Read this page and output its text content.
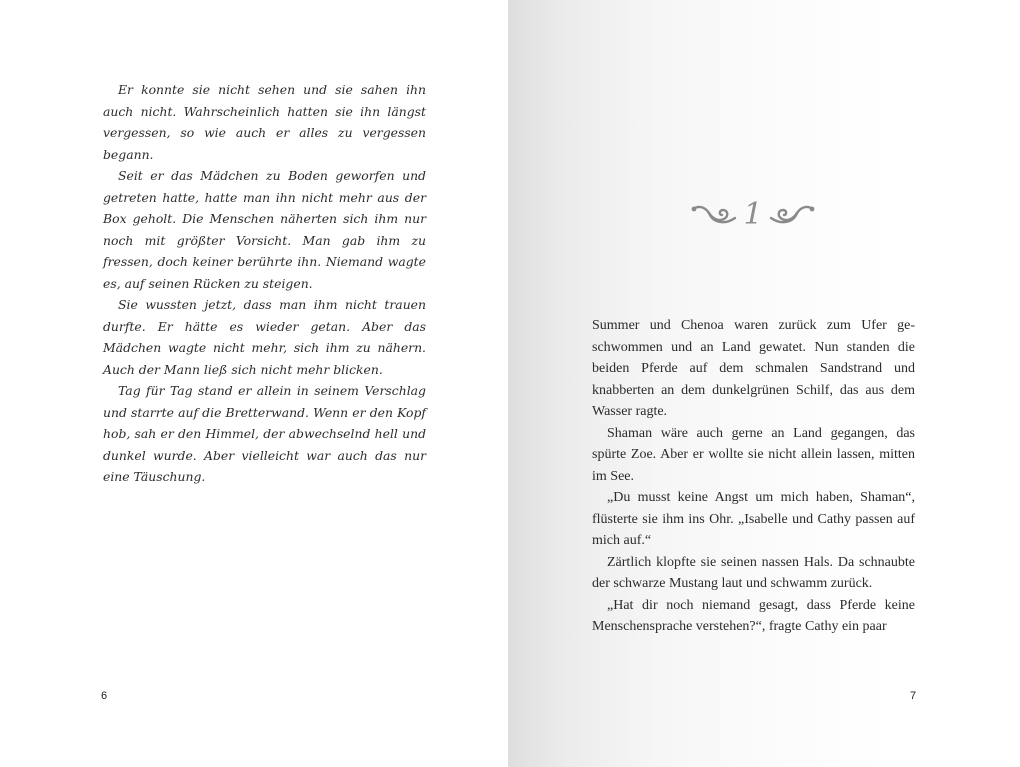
Er konnte sie nicht sehen und sie sahen ihn auch nicht. Wahrscheinlich hatten sie ihn längst vergessen, so wie auch er alles zu vergessen begann.

Seit er das Mädchen zu Boden geworfen und getreten hatte, hatte man ihn nicht mehr aus der Box geholt. Die Menschen näherten sich ihm nur noch mit größter Vorsicht. Man gab ihm zu fressen, doch keiner berührte ihn. Niemand wagte es, auf seinen Rücken zu steigen.

Sie wussten jetzt, dass man ihm nicht trauen durfte. Er hätte es wieder getan. Aber das Mädchen wagte nicht mehr, sich ihm zu nähern. Auch der Mann ließ sich nicht mehr blicken.

Tag für Tag stand er allein in seinem Verschlag und starrte auf die Bretterwand. Wenn er den Kopf hob, sah er den Himmel, der abwechselnd hell und dunkel wurde. Aber vielleicht war auch das nur eine Täuschung.

6
1

Summer und Chenoa waren zurück zum Ufer geschwommen und an Land gewatet. Nun standen die beiden Pferde auf dem schmalen Sandstrand und knabberten an dem dunkelgrünen Schilf, das aus dem Wasser ragte.

Shaman wäre auch gerne an Land gegangen, das spürte Zoe. Aber er wollte sie nicht allein lassen, mitten im See.

„Du musst keine Angst um mich haben, Shaman“, flüsterte sie ihm ins Ohr. „Isabelle und Cathy passen auf mich auf.“

Zärtlich klopfte sie seinen nassen Hals. Da schnaubte der schwarze Mustang laut und schwamm zurück.

„Hat dir noch niemand gesagt, dass Pferde keine Menschensprache verstehen?“, fragte Cathy ein paar

7
